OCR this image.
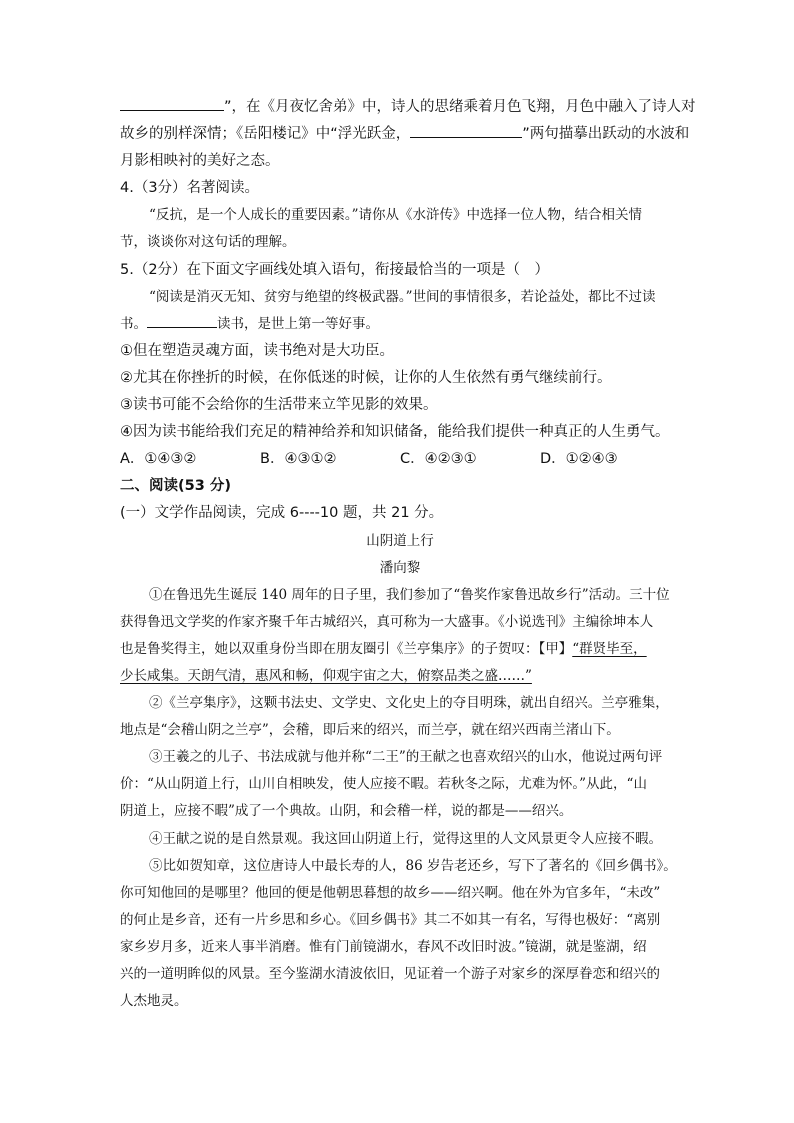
”，在《月夜忆舍弟》中，诗人的思绪乘着月色飞翔，月色中融入了诗人对
故乡的别样深情；《岳阳楼记》中“浮光跃金，	”两句描摹出跃动的水波和
月影相映衬的美好之态。
4.（3分）名著阅读。
“反抗，是一个人成长的重要因素。”请你从《水浒传》中选择一位人物，结合相关情
节，谈谈你对这句话的理解。
5.（2分）在下面文字画线处填入语句，衔接最恰当的一项是（　）
“阅读是消灭无知、贫穷与绝望的终极武器。”世间的事情很多，若论益处，都比不过读
书。	读书，是世上第一等好事。
①但在塑造灵魂方面，读书绝对是大功臣。
②尤其在你挫折的时候，在你低迷的时候，让你的人生依然有勇气继续前行。
③读书可能不会给你的生活带来立竿见影的效果。
④因为读书能给我们充足的精神给养和知识储备，能给我们提供一种真正的人生勇气。
A．①④③②	B．④③①②	C．④②③①	D．①②④③
二、阅读(53 分)
(一）文学作品阅读，完成 6----10 题，共 21 分。
山阴道上行
潘向黎
①在鲁迅先生诞辰 140 周年的日子里，我们参加了“鲁奖作家鲁迅故乡行”活动。三十位
获得鲁迅文学奖的作家齐聚千年古城绍兴，真可称为一大盛事。《小说选刊》主编徐坤本人
也是鲁奖得主，她以双重身份当即在朋友圈引《兰亭集序》的子贺叹：【甲】“群贤毕至，
少长咸集。天朗气清，惠风和畅，仰观宇宙之大，俯察品类之盛……”
②《兰亭集序》，这颗书法史、文学史、文化史上的夺目明珠，就出自绍兴。兰亭雅集，
地点是“会稽山阴之兰亭”，会稽，即后来的绍兴，而兰亭，就在绍兴西南兰渚山下。
③王羲之的儿子、书法成就与他并称“二王”的王献之也喜欢绍兴的山水，他说过两句评
价：“从山阴道上行，山川自相映发，使人应接不暇。若秋冬之际，尤难为怀。”从此，“山
阴道上，应接不暇”成了一个典故。山阴，和会稽一样，说的都是——绍兴。
④王献之说的是自然景观。我这回山阴道上行，觉得这里的人文风景更令人应接不暇。
⑤比如贺知章，这位唐诗人中最长寿的人，86 岁告老还乡，写下了著名的《回乡偶书》。
你可知他回的是哪里？他回的便是他朝思暮想的故乡——绍兴啊。他在外为官多年，“未改”
的何止是乡音，还有一片乡思和乡心。《回乡偶书》其二不如其一有名，写得也极好：“离别
家乡岁月多，近来人事半消磨。惟有门前镜湖水，春风不改旧时波。”镜湖，就是鉴湖，绍
兴的一道明眸似的风景。至今鉴湖水清波依旧，见证着一个游子对家乡的深厚眷恋和绍兴的
人杰地灵。
